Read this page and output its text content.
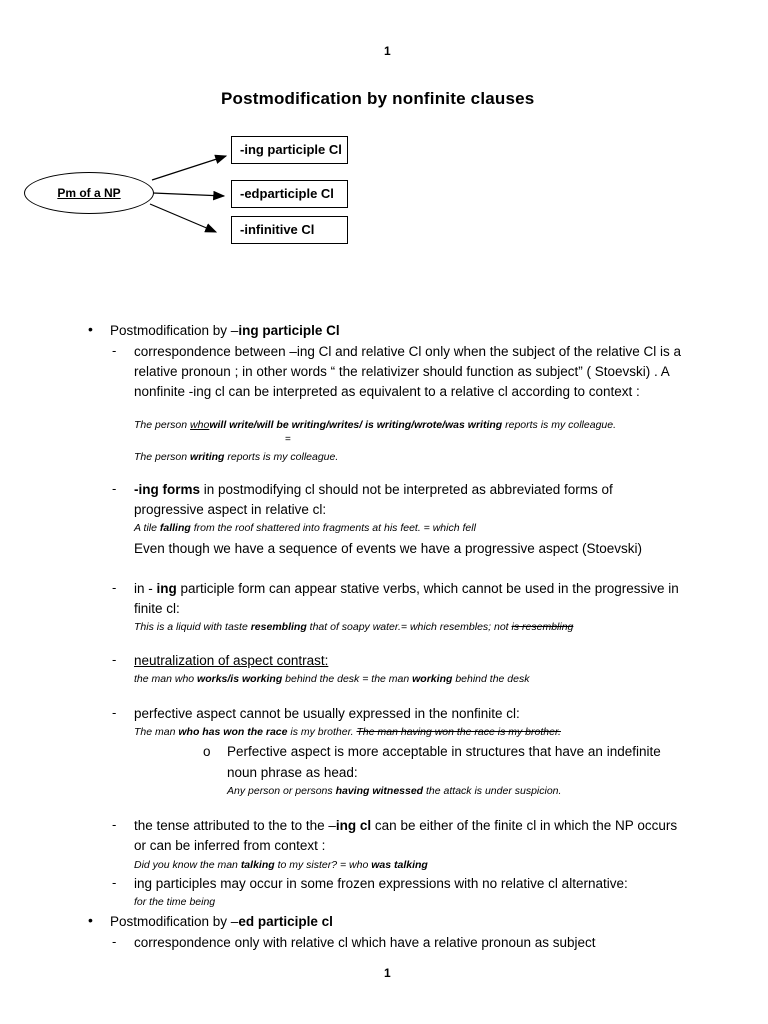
1
Postmodification by nonfinite clauses
Pm of a NP
-ing participle Cl
-edparticiple Cl
-infinitive Cl
• Postmodification by –ing participle Cl
- correspondence between –ing Cl and relative Cl only when the subject of the relative Cl is a
relative pronoun ; in other words “ the relativizer should function as subject” ( Stoevski) . A
nonfinite -ing cl can be interpreted as equivalent to a relative cl according to context :
The person whowill write/will be writing/writes/ is writing/wrote/was writing reports is my colleague.
=
The person writing reports is my colleague.
- -ing forms in postmodifying cl should not be interpreted as abbreviated forms of
progressive aspect in relative cl:
A tile falling from the roof shattered into fragments at his feet. = which fell
Even though we have a sequence of events we have a progressive aspect (Stoevski)
- in - ing participle form can appear stative verbs, which cannot be used in the progressive in
finite cl:
This is a liquid with taste resembling that of soapy water.= which resembles; not is resembling
- neutralization of aspect contrast:
the man who works/is working behind the desk = the man working behind the desk
- perfective aspect cannot be usually expressed in the nonfinite cl:
The man who has won the race is my brother. The man having won the race is my brother.
o Perfective aspect is more acceptable in structures that have an indefinite
noun phrase as head:
Any person or persons having witnessed the attack is under suspicion.
- the tense attributed to the to the –ing cl can be either of the finite cl in which the NP occurs
or can be inferred from context :
Did you know the man talking to my sister? = who was talking
- ing participles may occur in some frozen expressions with no relative cl alternative:
for the time being
• Postmodification by –ed participle cl
- correspondence only with relative cl which have a relative pronoun as subject
1
